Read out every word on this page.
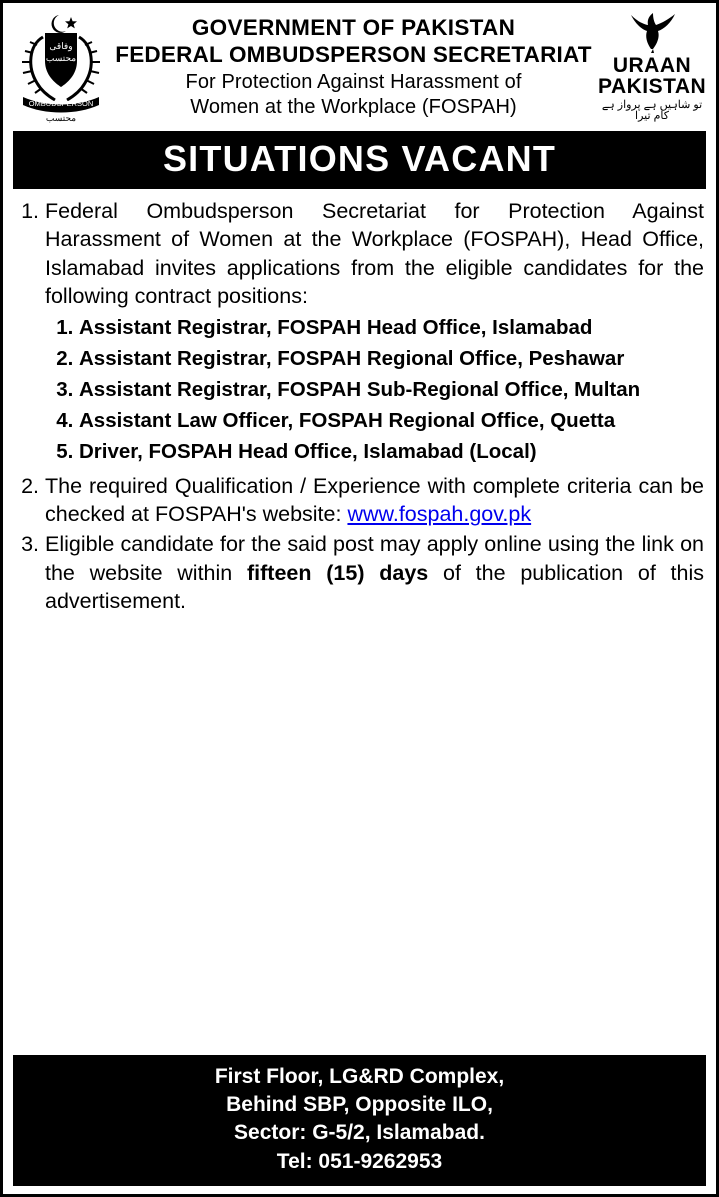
وفاقی
محتسب
OMBUDSPERSON
محتسب
GOVERNMENT OF PAKISTAN
FEDERAL OMBUDSPERSON SECRETARIAT
For Protection Against Harassment of
Women at the Workplace (FOSPAH)
URAAN
PAKISTAN
تو شاہیں ہے پرواز ہے کام تیرا
SITUATIONS VACANT
1. Federal Ombudsperson Secretariat for Protection Against Harassment of Women at the Workplace (FOSPAH), Head Office, Islamabad invites applications from the eligible candidates for the following contract positions:
1. Assistant Registrar, FOSPAH Head Office, Islamabad
2. Assistant Registrar, FOSPAH Regional Office, Peshawar
3. Assistant Registrar, FOSPAH Sub-Regional Office, Multan
4. Assistant Law Officer, FOSPAH Regional Office, Quetta
5. Driver, FOSPAH Head Office, Islamabad (Local)
2. The required Qualification / Experience with complete criteria can be checked at FOSPAH's website: www.fospah.gov.pk
3. Eligible candidate for the said post may apply online using the link on the website within fifteen (15) days of the publication of this advertisement.
First Floor, LG&RD Complex,
Behind SBP, Opposite ILO,
Sector: G-5/2, Islamabad.
Tel: 051-9262953
PID(I)4789/25
